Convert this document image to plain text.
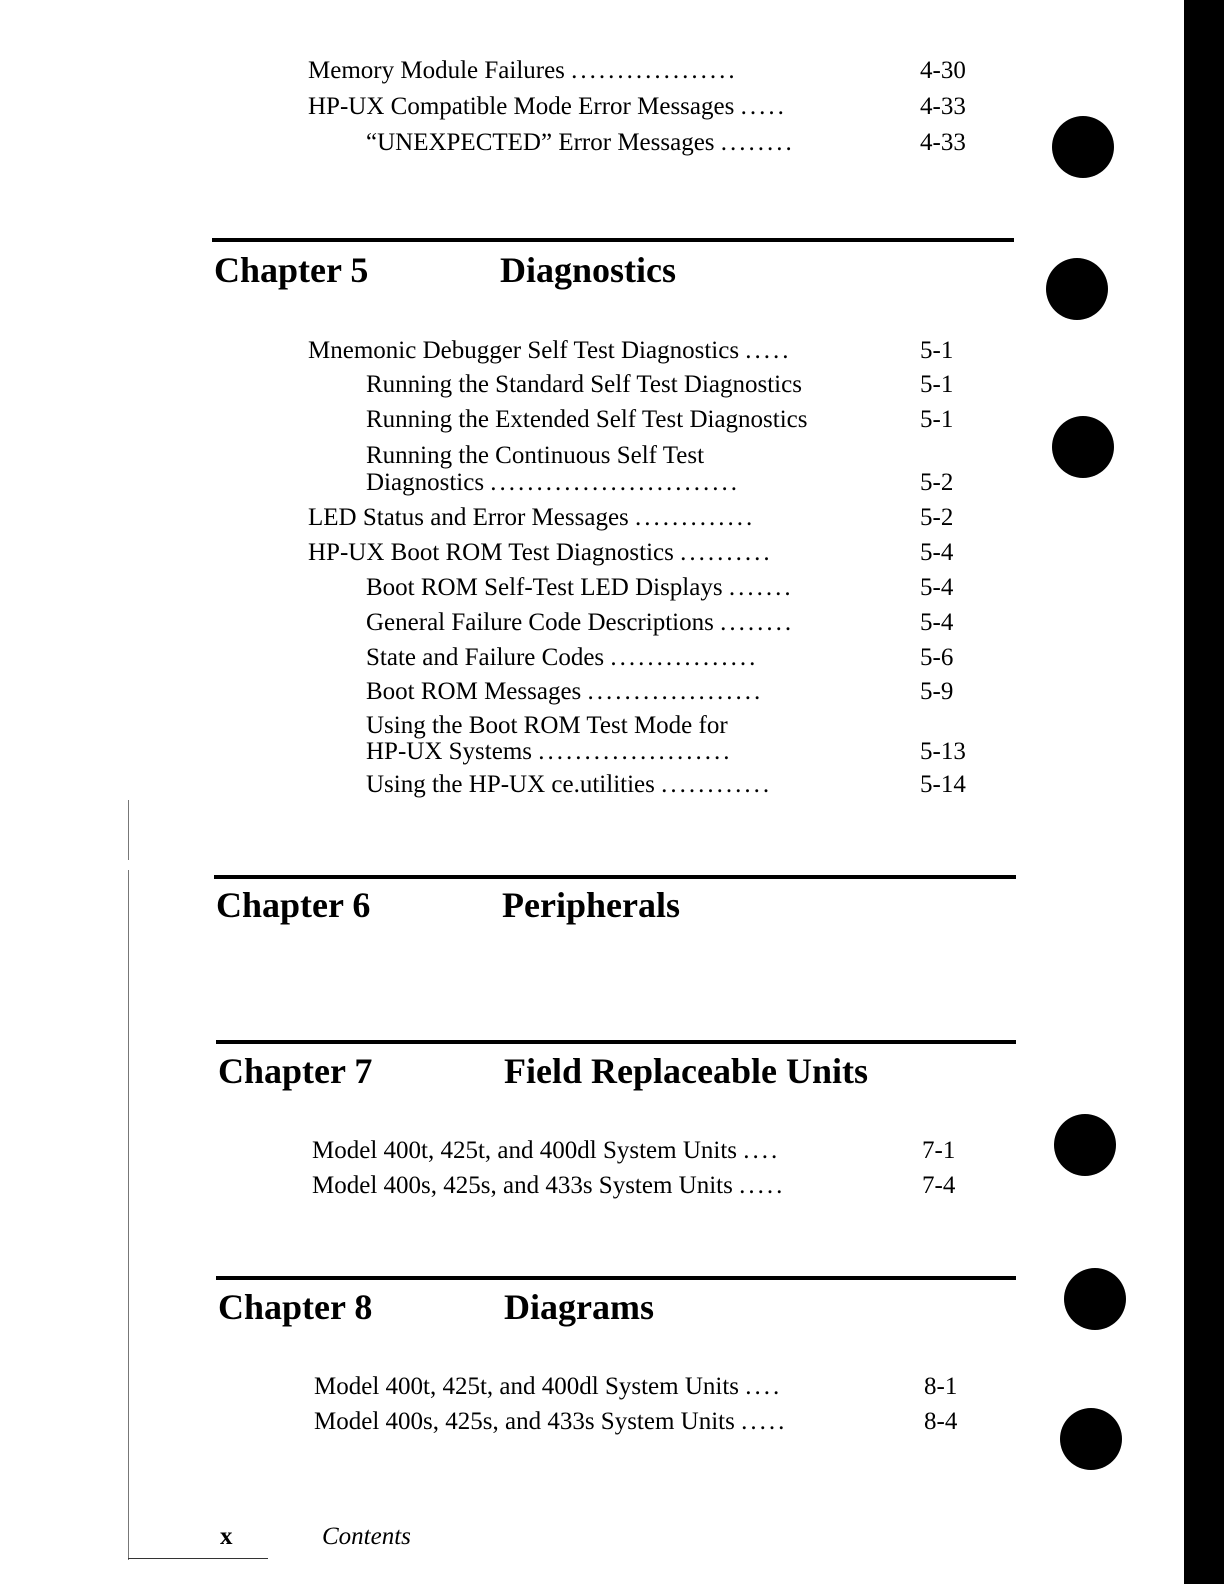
Memory Module Failures ..................	4-30
HP-UX Compatible Mode Error Messages .....	4-33
“UNEXPECTED” Error Messages ........	4-33
Chapter 5	Diagnostics
Mnemonic Debugger Self Test Diagnostics .....	5-1
Running the Standard Self Test Diagnostics	5-1
Running the Extended Self Test Diagnostics	5-1
Running the Continuous Self Test
Diagnostics ...........................	5-2
LED Status and Error Messages .............	5-2
HP-UX Boot ROM Test Diagnostics ..........	5-4
Boot ROM Self-Test LED Displays .......	5-4
General Failure Code Descriptions ........	5-4
State and Failure Codes ................	5-6
Boot ROM Messages ...................	5-9
Using the Boot ROM Test Mode for
HP-UX Systems .....................	5-13
Using the HP-UX ce.utilities ............	5-14
Chapter 6	Peripherals
Chapter 7	Field Replaceable Units
Model 400t, 425t, and 400dl System Units ....	7-1
Model 400s, 425s, and 433s System Units .....	7-4
Chapter 8	Diagrams
Model 400t, 425t, and 400dl System Units ....	8-1
Model 400s, 425s, and 433s System Units .....	8-4
x	Contents
